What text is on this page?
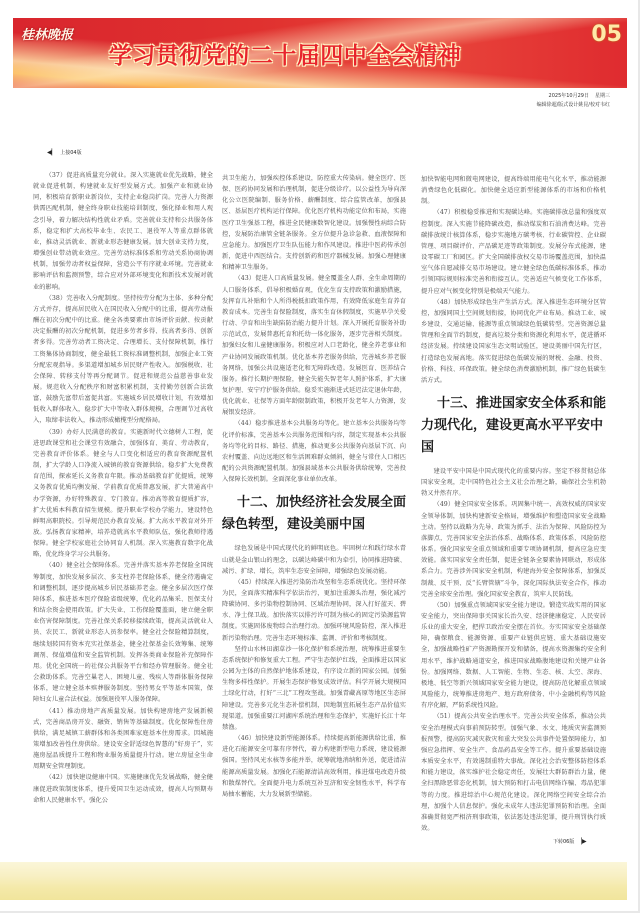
桂林晚报
学习贯彻党的二十届四中全会精神
05
2025年10月29日 星期三
编辑徐超/版式设计姚昆/校对韦红
◀▏ 上接04版

（37）促进高质量充分就业。深入实施就业优先战略，健全就业促进机制，构建就业友好型发展方式。加强产业和就业协同，积极培育新职业新岗位，支持企业稳岗扩岗。完善人力资源供需匹配机制，健全终身职业技能培训制度，强化择业和用人观念引导，着力解决结构性就业矛盾。完善就业支持和公共服务体系，稳定和扩大高校毕业生、农民工、退役军人等重点群体就业，推动灵活就业、新就业形态健康发展。加大创业支持力度，增强创业带动就业效应。完善劳动标准体系和劳动关系协商协调机制，加强劳动者权益保障，营造公平有序就业环境。完善就业影响评估和监测预警，综合应对外部环境变化和新技术发展对就业的影响。

（38）完善收入分配制度。坚持按劳分配为主体、多种分配方式并存，提高居民收入在国民收入分配中的比重，提高劳动报酬在初次分配中的比重。健全各类要素由市场评价贡献、按贡献决定报酬的初次分配机制，促进多劳者多得、技高者多得、创新者多得。完善劳动者工资决定、合理增长、支付保障机制，推行工资集体协商制度，健全最低工资标准调整机制，加强企业工资分配宏观指导。多渠道增加城乡居民财产性收入。加强税收、社会保障、转移支付等再分配调节。促进和规范公益慈善事业发展。规范收入分配秩序和财富积累机制，支持勤劳创新合法致富，鼓励先富带后富促共富。实施城乡居民增收计划，有效增加低收入群体收入，稳步扩大中等收入群体规模，合理调节过高收入，取缔非法收入，推动形成橄榄型分配格局。

（39）办好人民满意的教育。实施新时代立德树人工程，促进思政课堂和社会课堂有效融合，加强体育、美育、劳动教育，完善教育评价体系。健全与人口变化相适应的教育资源配置机制，扩大学龄人口净流入城镇的教育资源供给。稳步扩大免费教育范围，探索延长义务教育年限。推动基础教育扩优提质，统筹义务教育优质均衡发展、学前教育优质普惠发展，扩大普通高中办学资源，办好特殊教育、专门教育。推动高等教育提质扩容，扩大优质本科教育招生规模。提升职业学校办学能力，建设特色鲜明高职院校。引导规范民办教育发展。扩大高水平教育对外开放。弘扬教育家精神，培养造就高水平教师队伍，强化教师待遇保障。健全学校家庭社会协同育人机制。深入实施教育数字化战略，优化终身学习公共服务。

（40）健全社会保障体系。完善并落实基本养老保险全国统筹制度，加快发展多层次、多支柱养老保险体系，健全待遇确定和调整机制，逐步提高城乡居民基础养老金。健全多层次医疗保障体系，推进基本医疗保险省级统筹，优化药品集采、医保支付和结余资金使用政策。扩大失业、工伤保险覆盖面，建立健全职业伤害保障制度。完善社保关系转移接续政策，提高灵活就业人员、农民工、新就业形态人员参保率。健全社会保险精算制度，继续划转国有资本充实社保基金，健全社保基金长效筹集、统筹调剂、保值增值和安全监管机制。发挥各类商业保险补充保障作用。优化全国统一的社保公共服务平台和经办管理服务。健全社会救助体系。完善空巢老人、困境儿童、残疾人等群体服务保障体系，建立健全基本殡葬服务制度。坚持男女平等基本国策，保障妇女儿童合法权益。加强退役军人服务保障。

（41）推动房地产高质量发展。加快构建房地产发展新模式，完善商品房开发、融资、销售等基础制度。优化保障性住房供给，满足城镇工薪群体和各类困难家庭基本住房需求。因城施策增加改善性住房供给。建设安全舒适绿色智慧的“好房子”，实施房屋品质提升工程和物业服务质量提升行动。建立房屋全生命周期安全管理制度。

（42）加快建设健康中国。实施健康优先发展战略，健全健康促进政策制度体系，提升爱国卫生运动成效，提高人均预期寿命和人民健康水平。强化公

共卫生能力，加强疾控体系建设，防控重大传染病。健全医疗、医保、医药协同发展和治理机制，促进分级诊疗。以公益性为导向深化公立医院编制、服务价格、薪酬制度、综合监管改革，加强县区、基层医疗机构运行保障。优化医疗机构功能定位和布局，实施医疗卫生强基工程，推进全民健康数智化建设。加强慢性病综合防控，发展防治康管全链条服务。全方位提升急诊急救、血液保障和应急能力。加强医疗卫生队伍能力和作风建设。推进中医药传承创新，促进中西医结合。支持创新药和医疗器械发展。加强心理健康和精神卫生服务。

（43）促进人口高质量发展。健全覆盖全人群、全生命周期的人口服务体系，倡导积极婚育观，优化生育支持政策和激励措施，发挥育儿补贴和个人所得税抵扣政策作用，有效降低家庭生育养育教育成本。完善生育保险制度，落实生育休假制度，实施早孕关爱行动、孕育和出生缺陷防治能力提升计划。深入开展托育服务补助示范试点，发展普惠托育和托幼一体化服务，逐步完善相关制度。加强妇女和儿童健康服务。积极应对人口老龄化，健全养老事业和产业协同发展政策机制。优化基本养老服务供给，完善城乡养老服务网络，加强公共设施适老化和无障碍改造。发展医育、医养结合服务。推行长期护理保险，健全失能失智老年人照护体系，扩大康复护理、安宁疗护服务供给。稳妥实施渐进式延迟法定退休年龄，优化就业、社保等方面年龄限制政策，积极开发老年人力资源，发展银发经济。

（44）稳步推进基本公共服务均等化。建立基本公共服务均等化评价标准，完善基本公共服务范围和内容，制定实现基本公共服务均等化的目标、路径、措施，推动更多公共服务向基层下沉、向农村覆盖、向边远地区和生活困难群众倾斜，健全与常住人口相匹配的公共资源配置机制。加强县域基本公共服务供给统筹，完善投入保障长效机制。全面深化事业单位改革。

十二、加快经济社会发展全面
绿色转型，建设美丽中国

绿色发展是中国式现代化的鲜明底色。牢固树立和践行绿水青山就是金山银山的理念，以碳达峰碳中和为牵引，协同推进降碳、减污、扩绿、增长，筑牢生态安全屏障，增强绿色发展动能。

（45）持续深入推进污染防治攻坚和生态系统优化。坚持环保为民，全面落实精准科学依法治污，更加注重源头治理，强化减污降碳协同、多污染物控制协同、区域治理协同，深入打好蓝天、碧水、净土保卫战。加快落实以排污许可制为核心的固定污染源监管制度。实施固体废物综合治理行动。加强环境风险防控，深入推进新污染物治理。完善生态环境标准、监测、评价和考核制度。

坚持山水林田湖草沙一体化保护和系统治理，统筹推进重要生态系统保护和修复重大工程。严守生态保护红线，全面推进以国家公园为主体的自然保护地体系建设，有序设立新的国家公园。加强生物多样性保护。开展生态保护修复成效评估。科学开展大规模国土绿化行动，打好“三北”工程攻坚战。加强青藏高原等地区生态屏障建设。完善多元化生态补偿机制，因地制宜拓展生态产品价值实现渠道。加强重要江河湖库系统治理和生态保护，实施好长江十年禁渔。

（46）加快建设新型能源体系。持续提高新能源供给比重，推进化石能源安全可靠有序替代，着力构建新型电力系统，建设能源强国。坚持风光水核等多能并举，统筹就地消纳和外送，促进清洁能源高质量发展。加强化石能源清洁高效利用，推进煤电改造升级和散煤替代。全面提升电力系统互补互济和安全韧性水平，科学布局抽水蓄能，大力发展新型储能。

加快智能电网和微电网建设，提高终端用能电气化水平，推动能源消费绿色化低碳化。加快健全适应新型能源体系的市场和价格机制。

（47）积极稳妥推进和实现碳达峰。实施碳排放总量和强度双控制度。深入实施节能降碳改造，推动煤炭和石油消费达峰。完善碳排放统计核算体系，稳步实施地方碳考核、行业碳管控、企业碳管理、项目碳评价、产品碳足迹等政策制度。发展分布式能源，建设零碳工厂和园区。扩大全国碳排放权交易市场覆盖范围，加快温室气体自愿减排交易市场建设。建立健全绿色低碳标准体系，推动引领国际规则标准完善和衔接互认。完善适应气候变化工作体系，提升应对气候变化特别是极端天气能力。

（48）加快形成绿色生产生活方式。深入推进生态环境分区管控，加强同国土空间规划衔接，协同优化产业布局。推动工业、城乡建设、交通运输、能源等重点领域绿色低碳转型。完善资源总量管理和全面节约制度，提高垃圾分类和资源化利用水平，促进循环经济发展。持续建设国家生态文明试验区，建设美丽中国先行区，打造绿色发展高地。落实促进绿色低碳发展的财税、金融、投资、价格、科技、环保政策。健全绿色消费激励机制，推广绿色低碳生活方式。

十三、推进国家安全体系和能
力现代化，建设更高水平平安中国

建设平安中国是中国式现代化的重要内容。坚定不移贯彻总体国家安全观，走中国特色社会主义社会治理之路，确保社会生机勃勃又井然有序。

（49）健全国家安全体系。巩固集中统一、高效权威的国家安全领导体制，加快构建新安全格局，增强维护和塑造国家安全战略主动。坚持以战略为先导、政策为抓手、法治为保障、风险防控为落脚点，完善国家安全法治体系、战略体系、政策体系、风险防控体系。强化国家安全重点领域和重要专项协调机制，提高应急应变效能。落实国家安全责任制，促进全链条全要素协同联动，形成体系合力。完善涉外国家安全机制，构建海外安全保障体系，加强反制裁、反干预、反“长臂管辖”斗争，深化国际执法安全合作，推动完善全球安全治理。强化国家安全教育，筑牢人民防线。

（50）加强重点领域国家安全能力建设。锻造实战实用的国家安全能力，突出保障事关国家长治久安、经济健康稳定、人民安居乐业的重大安全，把捍卫政治安全摆在首位。夯实国家安全基础保障，确保粮食、能源资源、重要产业链供应链、重大基础设施安全，加强战略性矿产资源勘探开发和储备，提高水资源集约安全利用水平，维护战略通道安全，推进国家战略腹地建设和关键产业备份。加强网络、数据、人工智能、生物、生态、核、太空、深海、极地、低空等新兴领域国家安全能力建设，提高防范化解重点领域风险能力，统筹推进房地产、地方政府债务、中小金融机构等风险有序化解，严防系统性风险。

（51）提高公共安全治理水平。完善公共安全体系，推动公共安全治理模式向事前预防转型。加强气象、水文、地质灾害监测预报预警，提高防灾减灾救灾和重大突发公共事件处置保障能力，加强应急指挥、安全生产、食品药品安全等工作。提升重要基础设施本质安全水平，有效遏制重特大事故。深化社会治安整体防控体系和能力建设，落实维护社会稳定责任，发展壮大群防群治力量，健全扫黑除恶常态化机制，加大预防和打击电信网络诈骗、毒品犯罪等的力度。推进综治中心规范化建设。深化网络空间安全综合治理，加强个人信息保护。强化未成年人违法犯罪预防和治理。全面准确贯彻宽严相济刑事政策，依法惩处违法犯罪，提升刑罚执行质效。

下转06版 ▕▶
